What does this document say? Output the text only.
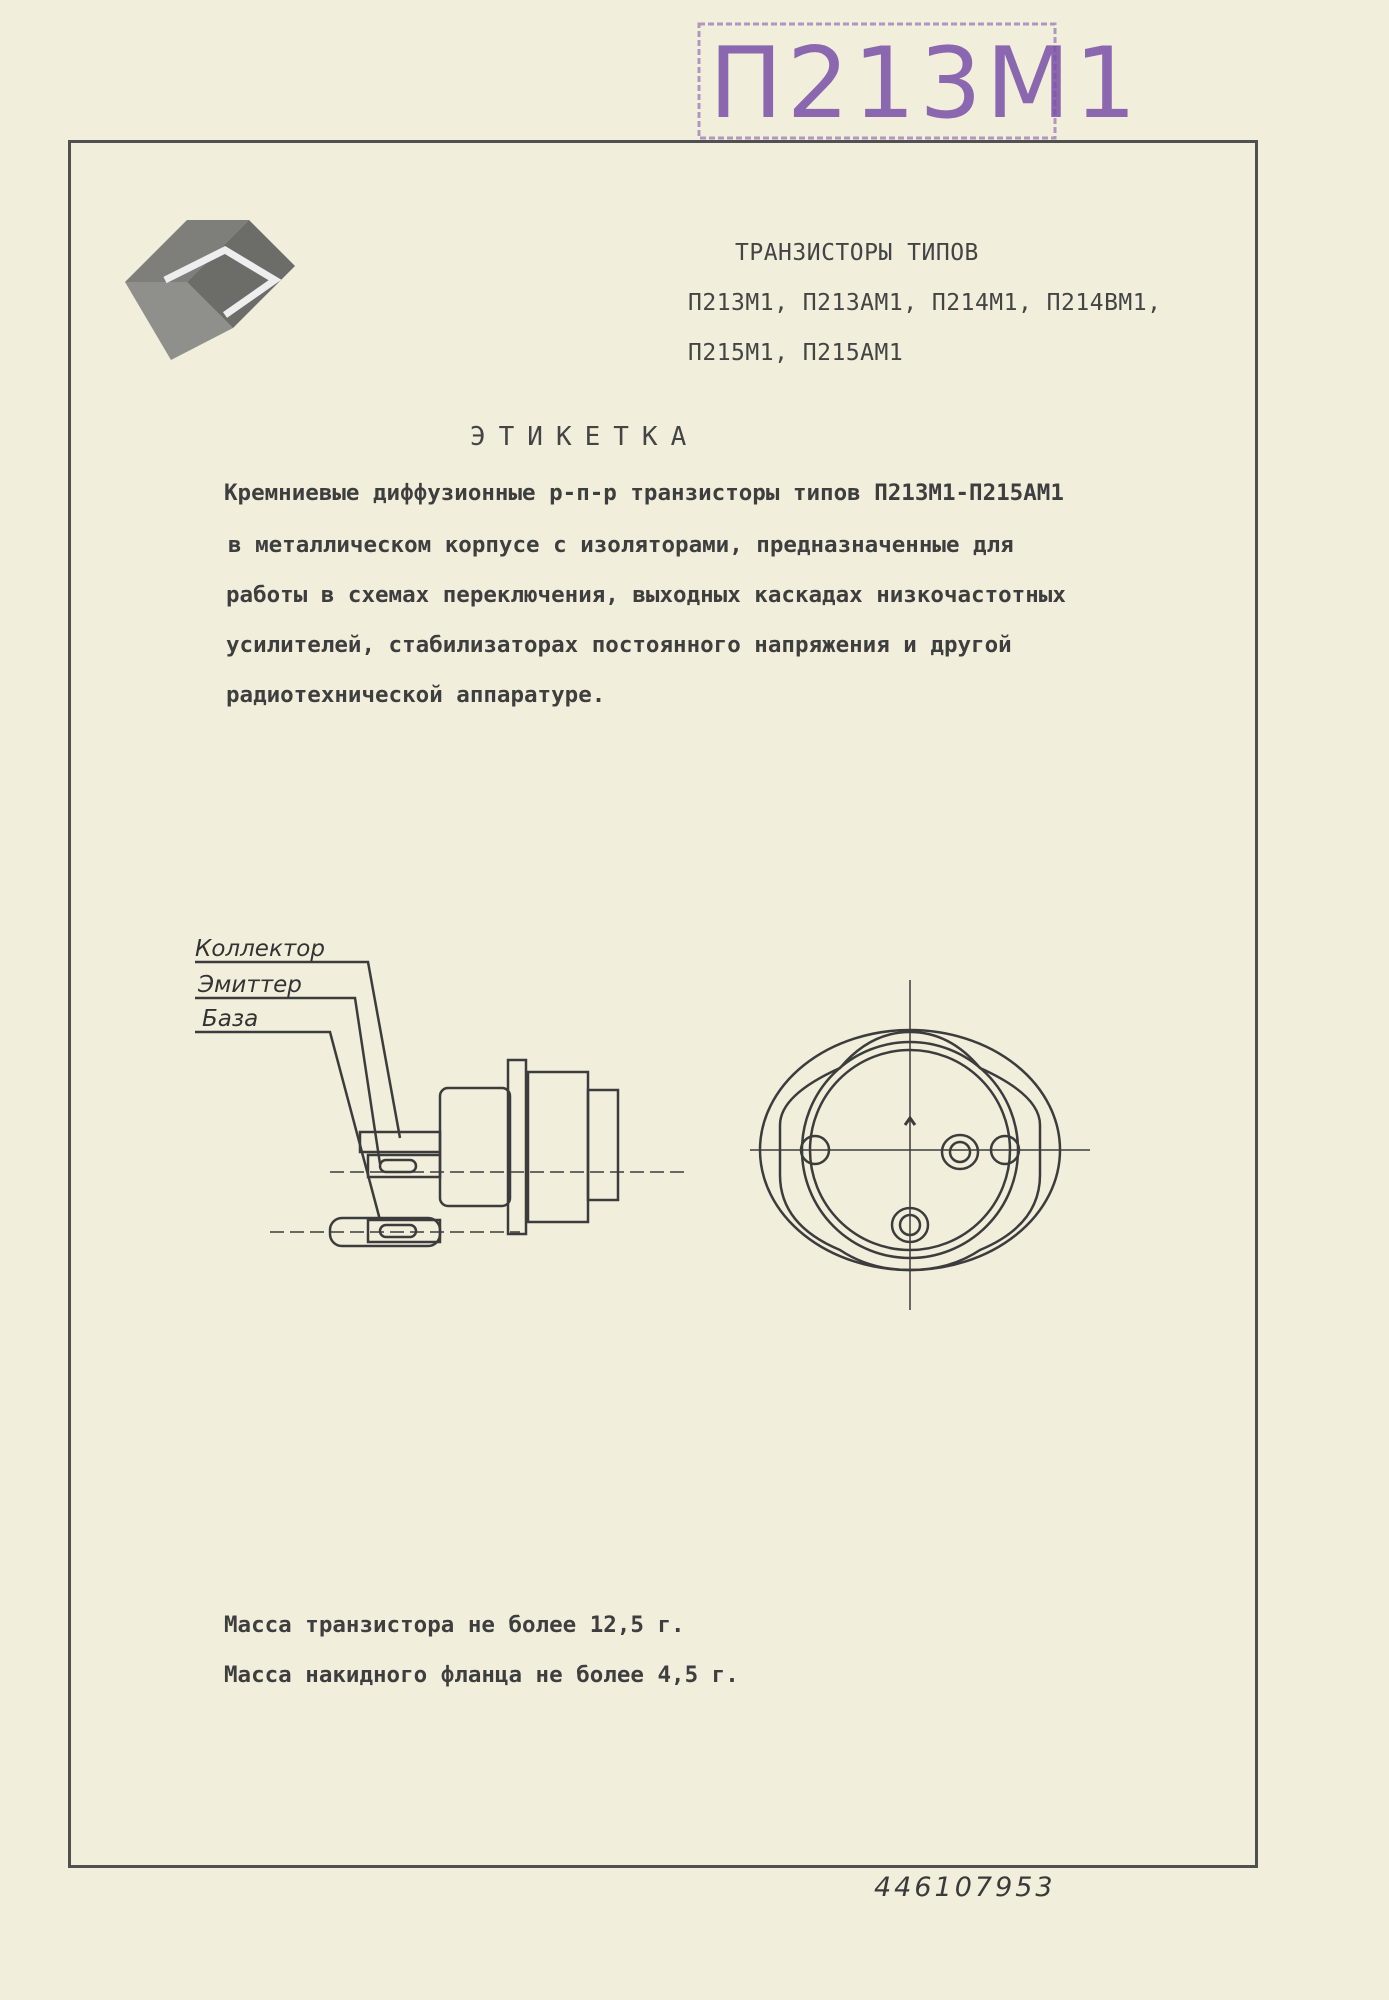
П213М1
ТРАНЗИСТОРЫ ТИПОВ
П213М1, П213АМ1, П214М1, П214ВМ1,
П215М1, П215АМ1
ЭТИКЕТКА
Кремниевые диффузионные р-п-р транзисторы типов П213М1-П215АМ1
в металлическом корпусе с изоляторами, предназначенные для
работы в схемах переключения, выходных каскадах низкочастотных
усилителей, стабилизаторах постоянного напряжения и другой
радиотехнической аппаратуре.
Коллектор
Эмиттер
База
Масса транзистора не более 12,5 г.
Масса накидного фланца не более 4,5 г.
446107953
